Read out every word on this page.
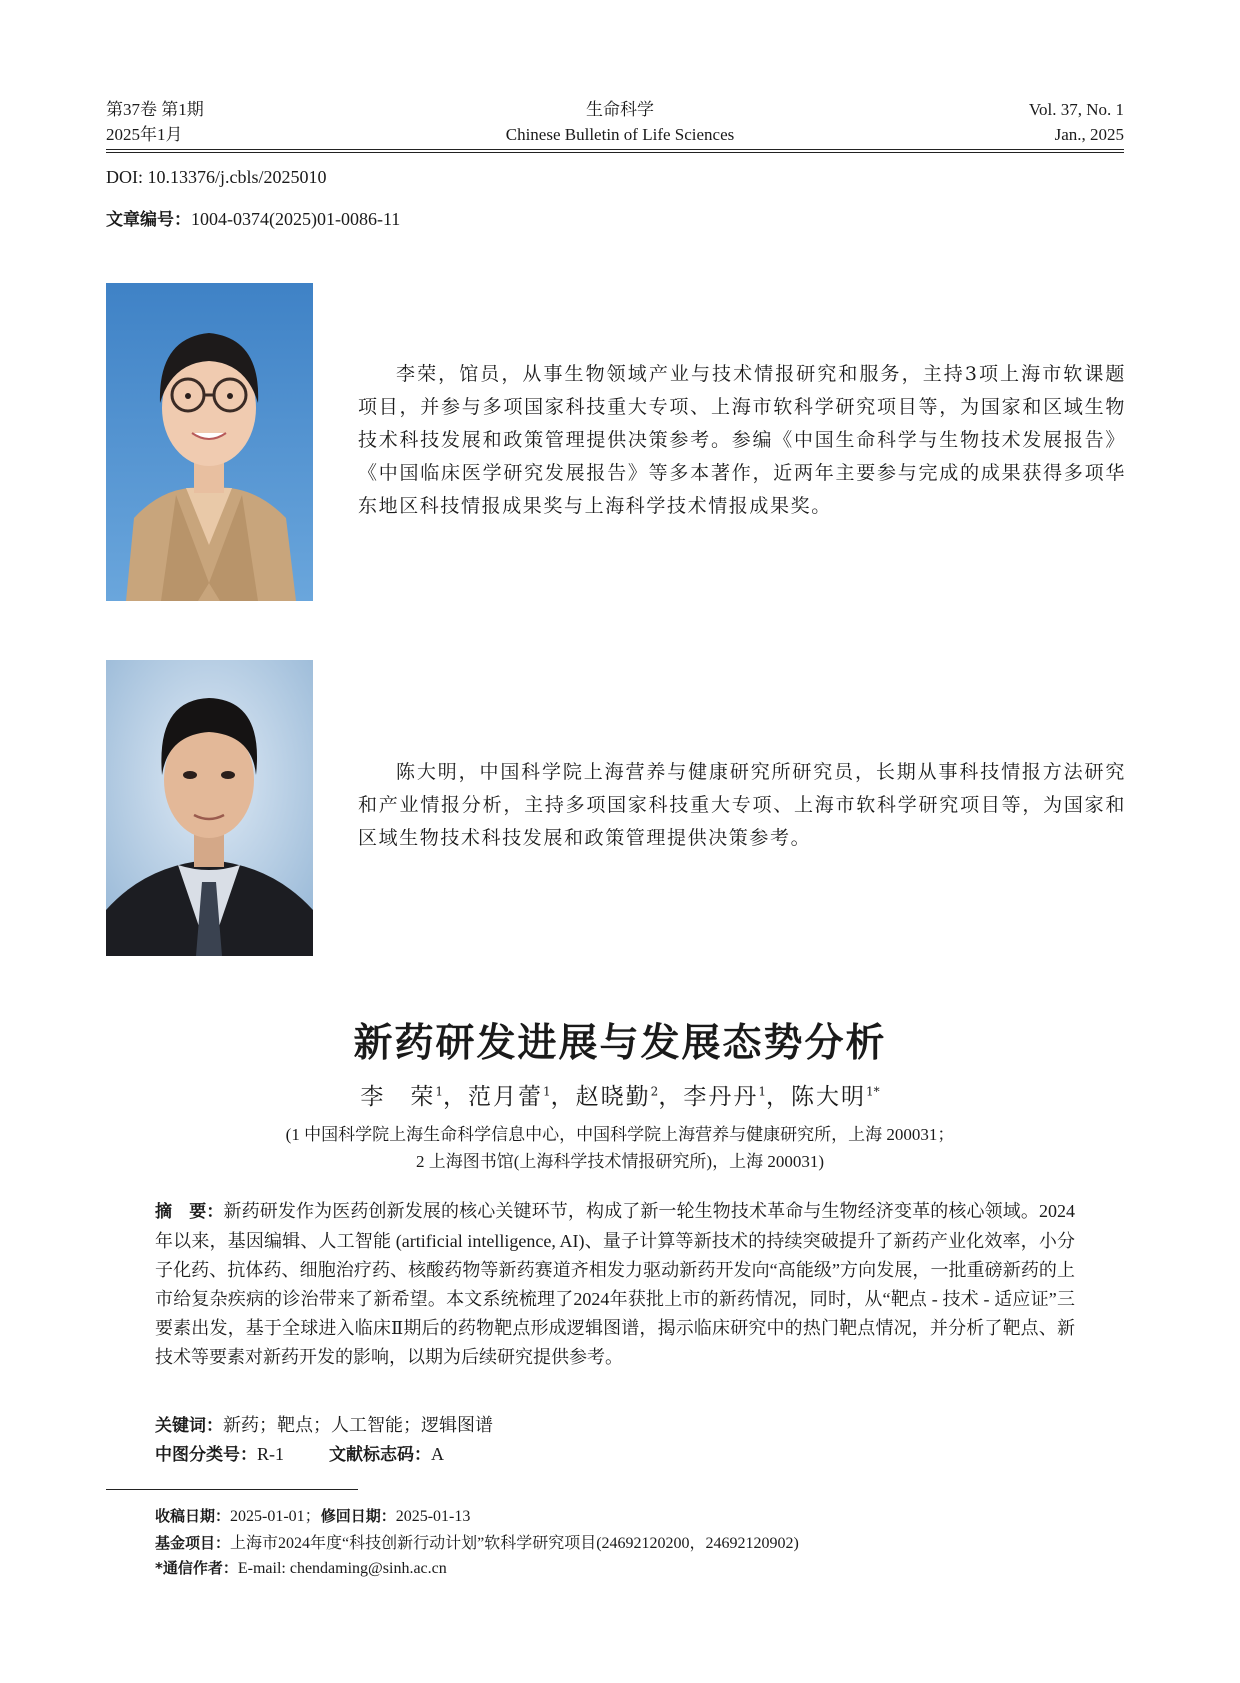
第37卷 第1期
2025年1月
生命科学
Chinese Bulletin of Life Sciences
Vol. 37, No. 1
Jan., 2025
DOI: 10.13376/j.cbls/2025010
文章编号：1004-0374(2025)01-0086-11
李荣，馆员，从事生物领域产业与技术情报研究和服务，主持3项上海市软课题项目，并参与多项国家科技重大专项、上海市软科学研究项目等，为国家和区域生物技术科技发展和政策管理提供决策参考。参编《中国生命科学与生物技术发展报告》《中国临床医学研究发展报告》等多本著作，近两年主要参与完成的成果获得多项华东地区科技情报成果奖与上海科学技术情报成果奖。
陈大明，中国科学院上海营养与健康研究所研究员，长期从事科技情报方法研究和产业情报分析，主持多项国家科技重大专项、上海市软科学研究项目等，为国家和区域生物技术科技发展和政策管理提供决策参考。
新药研发进展与发展态势分析
李　荣$^1$，范月蕾$^1$，赵晓勤$^2$，李丹丹$^1$，陈大明$^{1*}$
(1 中国科学院上海生命科学信息中心，中国科学院上海营养与健康研究所，上海 200031；
2 上海图书馆(上海科学技术情报研究所)，上海 200031)
摘　要：新药研发作为医药创新发展的核心关键环节，构成了新一轮生物技术革命与生物经济变革的核心领域。2024年以来，基因编辑、人工智能 (artificial intelligence, AI)、量子计算等新技术的持续突破提升了新药产业化效率，小分子化药、抗体药、细胞治疗药、核酸药物等新药赛道齐相发力驱动新药开发向“高能级”方向发展，一批重磅新药的上市给复杂疾病的诊治带来了新希望。本文系统梳理了2024年获批上市的新药情况，同时，从“靶点 - 技术 - 适应证”三要素出发，基于全球进入临床Ⅱ期后的药物靶点形成逻辑图谱，揭示临床研究中的热门靶点情况，并分析了靶点、新技术等要素对新药开发的影响，以期为后续研究提供参考。
关键词：新药；靶点；人工智能；逻辑图谱
中图分类号：R-1	文献标志码：A
收稿日期：2025-01-01；修回日期：2025-01-13
基金项目：上海市2024年度“科技创新行动计划”软科学研究项目(24692120200，24692120902)
*通信作者：E-mail: chendaming@sinh.ac.cn
